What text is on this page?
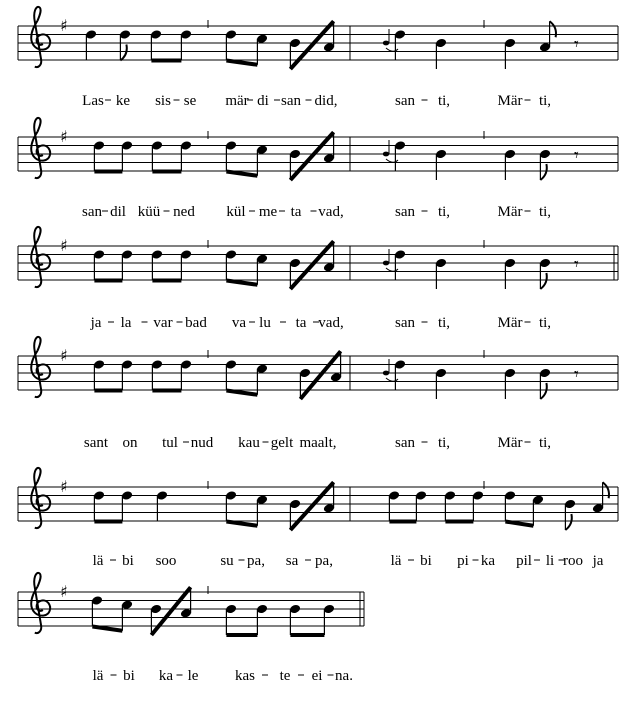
♯
𝄾
Las ke sis se mär di san did,	san ti,	Mär ti,
♯
𝄾
san dil küü ned kül me ta vad,	san ti,	Mär ti,
♯
𝄾
ja la var bad va lu ta vad,	san ti,	Mär ti,
♯
𝄾
sant on tul nud kau gelt maalt,	san ti,	Mär ti,
♯
lä bi soo	su pa, sa pa,	lä bi pi ka pil li roo ja
♯
lä bi ka le kas te ei na.
